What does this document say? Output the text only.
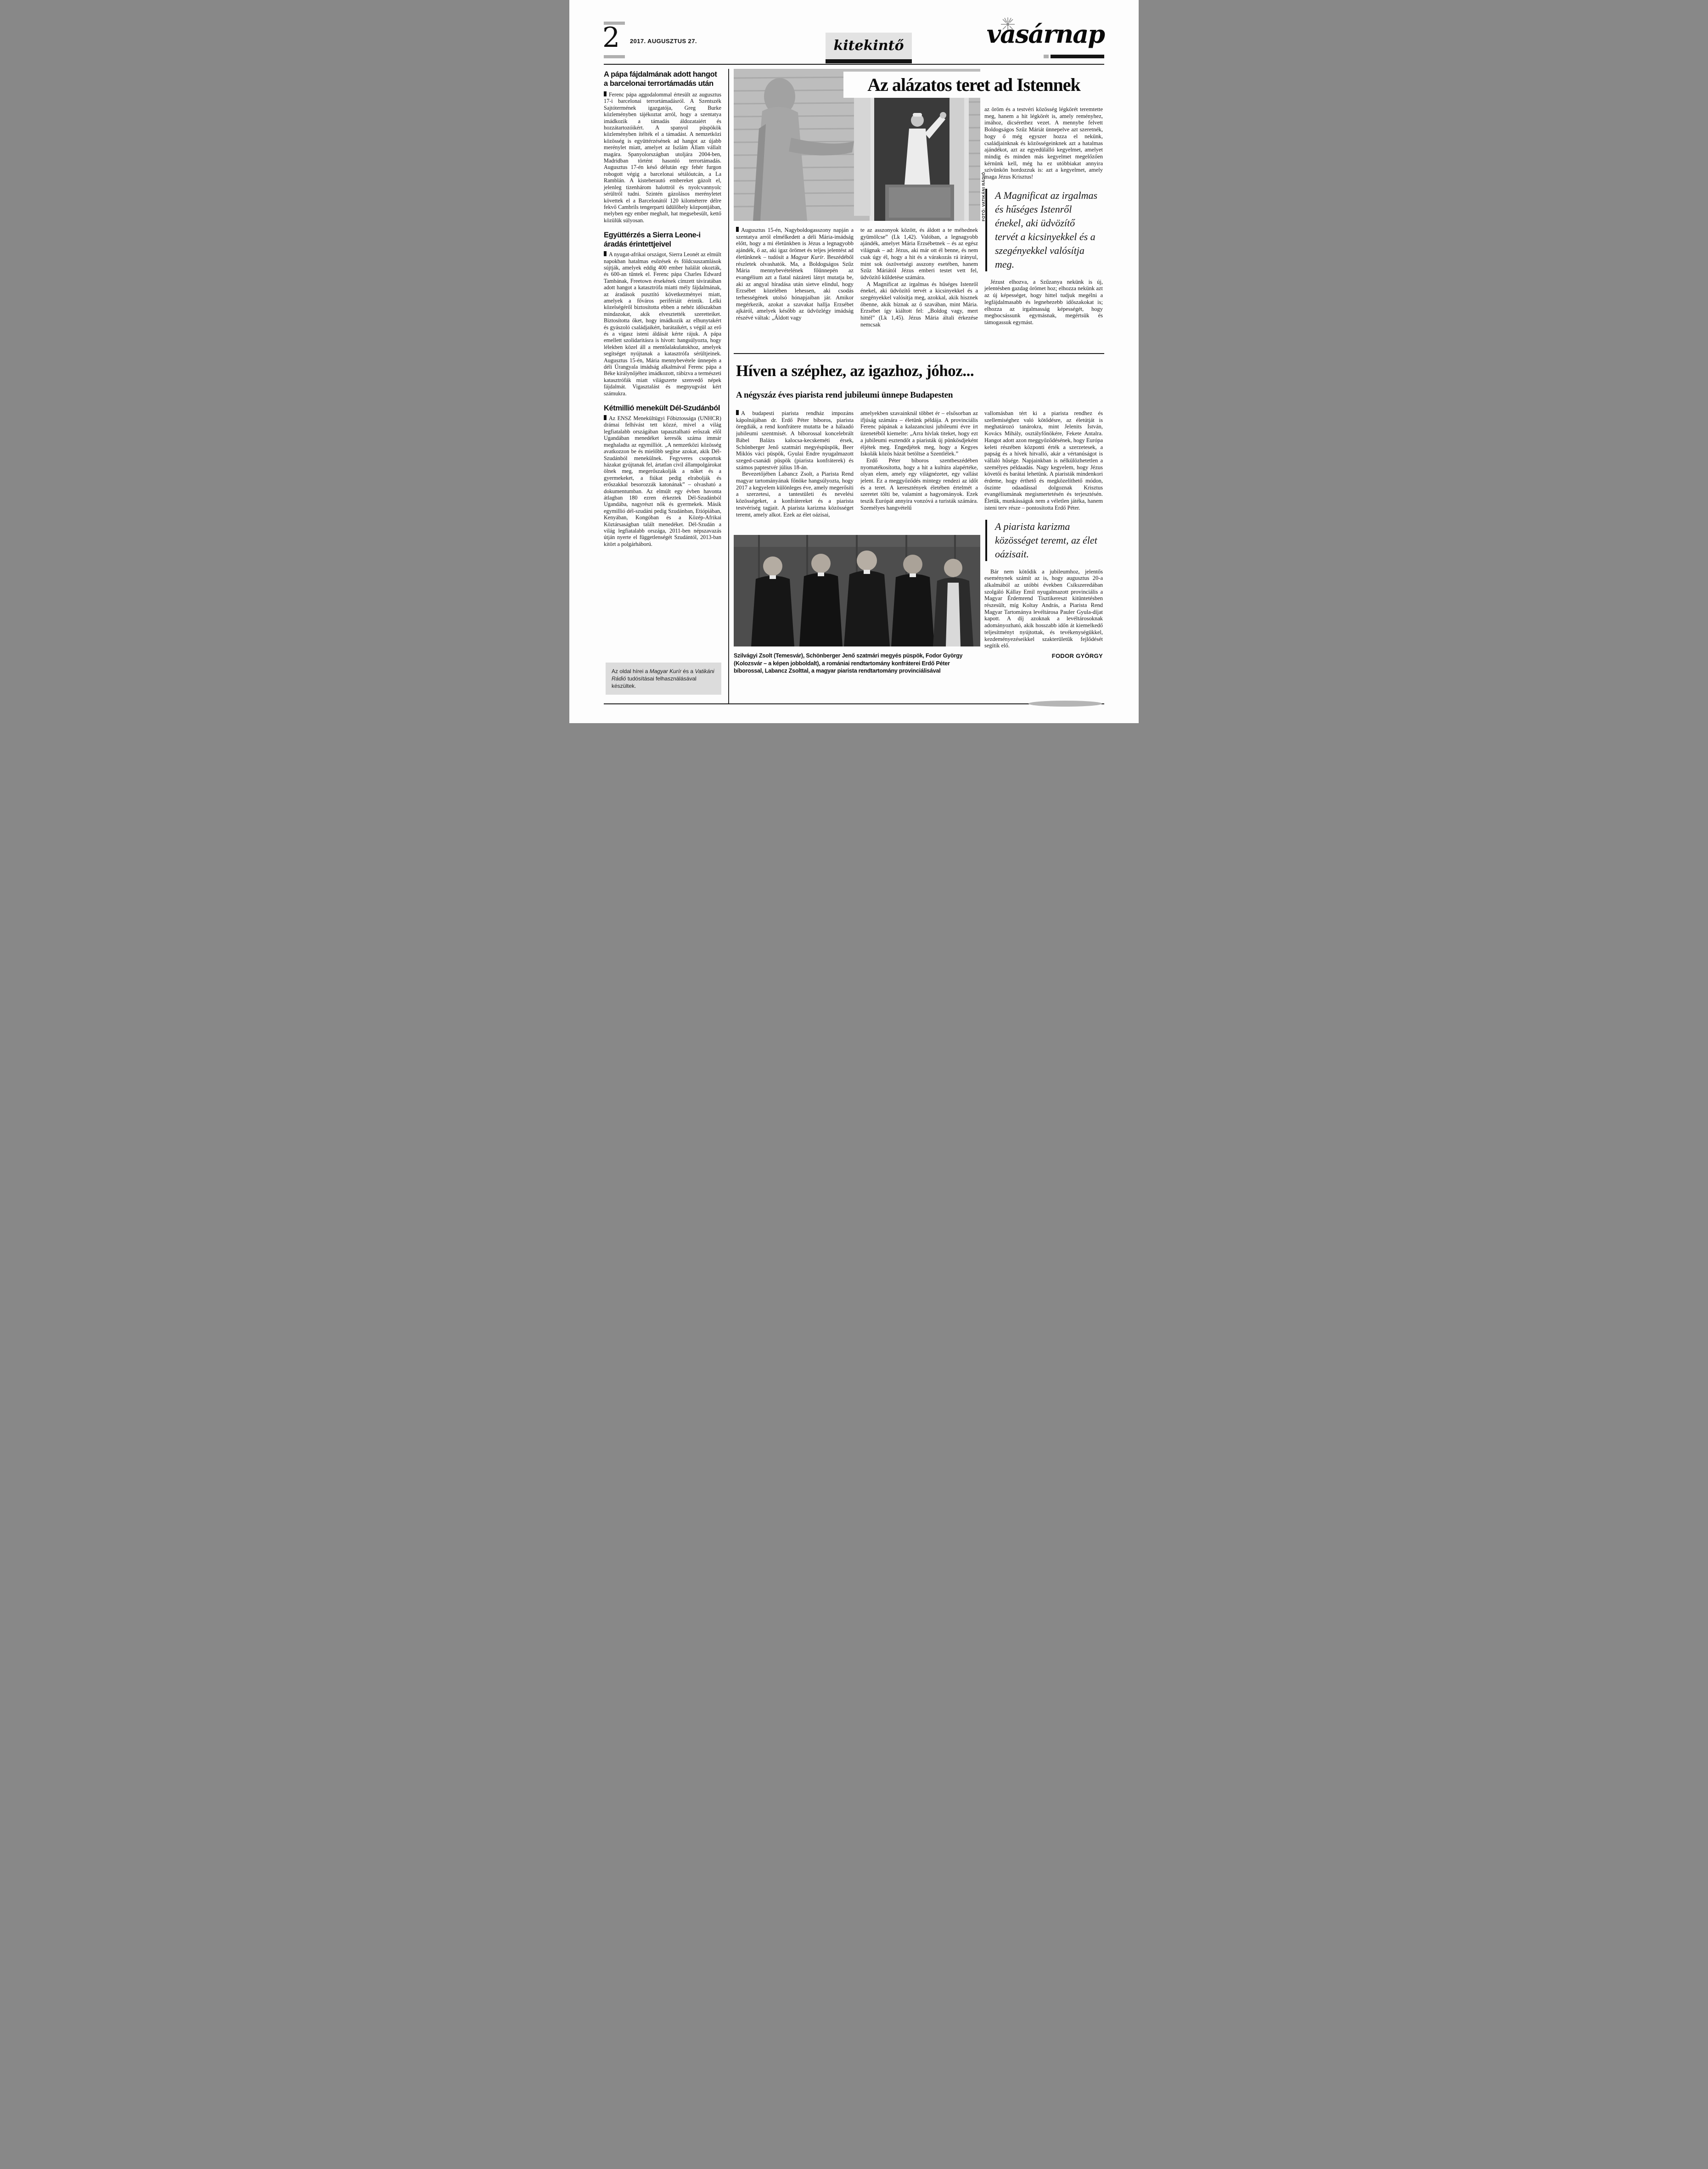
2 2017. AUGUSZTUS 27.	kitekintő	vasárnap
A pápa fájdalmának adott hangot a barcelonai terrortámadás után

Ferenc pápa aggodalommal értesült az augusztus 17-i barcelonai terrortámadásról. A Szentszék Sajtótermének igazgatója, Greg Burke közleményben tájékoztat arról, hogy a szentatya imádkozik a támadás áldozataiért és hozzátartozóikért. A spanyol püspökök közleményben ítélték el a támadást. A nemzetközi közösség is együttérzésének ad hangot az újabb merénylet miatt, amelyet az Iszlám Állam vállalt magára. Spanyolországban utoljára 2004-ben, Madridban történt hasonló terrortámadás. Augusztus 17-én késő délután egy fehér furgon robogott végig a barcelonai sétálóutcán, a La Ramblán. A kisteherautó embereket gázolt el, jelenleg tizenhárom halottról és nyolcvannyolc sérültről tudni. Szintén gázolásos merényletet követtek el a Barcelonától 120 kilométerre délre fekvő Cambrils tengerparti üdülőhely központjában, melyben egy ember meghalt, hat megsebesült, kettő közülük súlyosan.

Együttérzés a Sierra Leone-i áradás érintettjeivel

A nyugat-afrikai országot, Sierra Leonét az elmúlt napokban hatalmas esőzések és földcsuszamlások sújtják, amelyek eddig 400 ember halálát okozták, és 600-an tűntek el. Ferenc pápa Charles Edward Tambának, Freetown érsekének címzett táviratában adott hangot a katasztrófa miatti mély fájdalmának, az áradások pusztító következményei miatt, amelyek a főváros perifériáit érintik. Lelki közelségéről biztosította ebben a nehéz időszakban mindazokat, akik elvesztették szeretteiket. Biztosította őket, hogy imádkozik az elhunytakért és gyászoló családjaikért, barátaikért, s végül az erő és a vigasz isteni áldását kérte rájuk. A pápa emellett szolidaritásra is hívott: hangsúlyozta, hogy lélekben közel áll a mentőalakulatokhoz, amelyek segítséget nyújtanak a katasztrófa sérültjeinek. Augusztus 15-én, Mária mennybevétele ünnepén a déli Úrangyala imádság alkalmával Ferenc pápa a Béke királynőjéhez imádkozott, rábízva a természeti katasztrófák miatt világszerte szenvedő népek fájdalmát. Vigasztalást és megnyugvást kért számukra.

Kétmillió menekült Dél-Szudánból

Az ENSZ Menekültügyi Főbiztossága (UNHCR) drámai felhívást tett közzé, mivel a világ legfiatalabb országában tapasztalható erőszak elől Ugandában menedéket keresők száma immár meghaladta az egymilliót. „A nemzetközi közösség avatkozzon be és mielőbb segítse azokat, akik Dél-Szudánból menekülnek. Fegyveres csoportok házakat gyújtanak fel, ártatlan civil állampolgárokat ölnek meg, megerőszakolják a nőket és a gyermekeket, a fiúkat pedig elrabolják és erőszakkal besorozzák katonának” – olvasható a dokumentumban. Az elmúlt egy évben havonta átlagban 180 ezren érkeztek Dél-Szudánból Ugandába, nagyrészt nők és gyermekek. Másik egymillió dél-szudáni pedig Szudánban, Etiópiában, Kenyában, Kongóban és a Közép-Afrikai Köztársaságban talált menedéket. Dél-Szudán a világ legfiatalabb országa, 2011-ben népszavazás útján nyerte el függetlenségét Szudántól, 2013-ban kitört a polgárháború.

Az oldal hírei a Magyar Kurír és a Vatikáni Rádió tudósításai felhasználásával készültek.
FOTÓ: VATIKÁNI RÁDIÓ
Az alázatos teret ad Istennek

Augusztus 15-én, Nagyboldogasszony napján a szentatya arról elmélkedett a déli Mária-imádság előtt, hogy a mi életünkben is Jézus a legnagyobb ajándék, ő az, aki igaz örömet és teljes jelentést ad életünknek – tudósít a Magyar Kurír. Beszédéből részletek olvashatók. Ma, a Boldogságos Szűz Mária mennybevételének főünnepén az evangélium azt a fiatal názáreti lányt mutatja be, aki az angyal híradása után sietve elindul, hogy Erzsébet közelében lehessen, aki csodás terhességének utolsó hónapjaiban jár. Amikor megérkezik, azokat a szavakat hallja Erzsébet ajkáról, amelyek később az üdvözlégy imádság részévé váltak: „Áldott vagy

te az asszonyok között, és áldott a te méhednek gyümölcse” (Lk 1,42). Valóban, a legnagyobb ajándék, amelyet Mária Erzsébetnek – és az egész világnak – ad: Jézus, aki már ott él benne, és nem csak úgy él, hogy a hit és a várakozás rá irányul, mint sok ószövetségi asszony esetében, hanem Szűz Máriától Jézus emberi testet vett fel, üdvözítő küldetése számára.

A Magnificat az irgalmas és hűséges Istenről énekel, aki üdvözítő tervét a kicsinyekkel és a szegényekkel valósítja meg, azokkal, akik hisznek őbenne, akik bíznak az ő szavában, mint Mária. Erzsébet így kiáltott fel: „Boldog vagy, mert hittél” (Lk 1,45). Jézus Mária általi érkezése nemcsak

az öröm és a testvéri közösség légkörét teremtette meg, hanem a hit légkörét is, amely reményhez, imához, dicsérethez vezet. A mennybe felvett Boldogságos Szűz Máriát ünnepelve azt szeretnék, hogy ő még egyszer hozza el nekünk, családjainknak és közösségeinknek azt a hatalmas ajándékot, azt az egyedülálló kegyelmet, amelyet mindig és minden más kegyelmet megelőzően kérnünk kell, még ha ez utóbbiakat annyira szívünkön hordozzuk is: azt a kegyelmet, amely maga Jézus Krisztus!

A Magnificat az irgalmas és hűséges Istenről énekel, aki üdvözítő tervét a kicsinyekkel és a szegényekkel valósítja meg.

Jézust elhozva, a Szűzanya nekünk is új, jelentésben gazdag örömet hoz; elhozza nekünk azt az új képességet, hogy hittel tudjuk megélni a legfájdalmasabb és legnehezebb időszakokat is; elhozza az irgalmasság képességét, hogy megbocsássunk egymásnak, megértsük és támogassuk egymást.

Híven a széphez, az igazhoz, jóhoz...
A négyszáz éves piarista rend jubileumi ünnepe Budapesten

A budapesti piarista rendház impozáns kápolnájában dr. Erdő Péter bíboros, piarista öregdiák, a rend konfrátere mutatta be a hálaadó jubileumi szentmisét. A bíborossal koncelebrált Bábel Balázs kalocsa-kecskeméti érsek, Schönberger Jenő szatmári megyéspüspök, Beer Miklós váci püspök, Gyulai Endre nyugalmazott szeged-csanádi püspök (piarista konfráterek) és számos paptestvér július 18-án.

Bevezetőjében Labancz Zsolt, a Piarista Rend magyar tartományának főnöke hangsúlyozta, hogy 2017 a kegyelem különleges éve, amely megerősíti a szerzetesi, a tantestületi és nevelési közösségeket, a konfrátereket és a piarista testvériség tagjait. A piarista karizma közösséget teremt, amely alkot. Ezek az élet oázisai,

amelyekben szavainknál többet ér – elsősorban az ifjúság számára – életünk példája. A provinciális Ferenc pápának a kalazanciusi jubileumi évre írt üzenetéből kiemelte: „Arra hívlak titeket, hogy ezt a jubileumi esztendőt a piaristák új pünkösdjeként éljétek meg. Engedjétek meg, hogy a Kegyes Iskolák közös házát betöltse a Szentlélek.”

Erdő Péter bíboros szentbeszédében nyomatékosította, hogy a hit a kultúra alapértéke, olyan elem, amely egy világnézetet, egy vallást jelent. Ez a meggyőződés mintegy rendezi az időt és a teret. A keresztények életében értelmét a szeretet tölti be, valamint a hagyományok. Ezek teszik Európát annyira vonzóvá a turisták számára. Személyes hangvételű

vallomásban tért ki a piarista rendhez és szellemiséghez való kötődésre, az életútját is meghatározó tanárokra, mint Jelenits István, Kovács Mihály, osztályfőnökére, Fekete Antalra. Hangot adott azon meggyőződésének, hogy Európa keleti részében központi érték a szerzetesek, a papság és a hívek hitvalló, akár a vértanúságot is vállaló hűsége. Napjainkban is nélkülözhetetlen a személyes példaadás. Nagy kegyelem, hogy Jézus követői és barátai lehetünk. A piaristák mindenkori érdeme, hogy érthető és megközelíthető módon, őszinte odaadással dolgoznak Krisztus evangéliumának megismertetésén és terjesztésén. Életük, munkásságuk nem a véletlen játéka, hanem isteni terv része – pontosította Erdő Péter.

A piarista karizma közösséget teremt, az élet oázisait.

Bár nem kötődik a jubileumhoz, jelentős eseménynek számít az is, hogy augusztus 20-a alkalmából az utóbbi években Csíkszeredában szolgáló Kállay Emil nyugalmazott provinciális a Magyar Érdemrend Tisztikereszt kitüntetésben részesült, míg Koltay András, a Piarista Rend Magyar Tartománya levéltárosa Pauler Gyula-díjat kapott. A díj azoknak a levéltárosoknak adományozható, akik hosszabb időn át kiemelkedő teljesítményt nyújtottak, és tevékenységükkel, kezdeményezéseikkel szakterületük fejlődését segítik elő.

FODOR GYÖRGY
Szilvágyi Zsolt (Temesvár), Schönberger Jenő szatmári megyés püspök, Fodor György (Kolozsvár – a képen jobboldalt), a romániai rendtartomány konfráterei Erdő Péter bíborossal, Labancz Zsolttal, a magyar piarista rendtartomány provinciálisával
